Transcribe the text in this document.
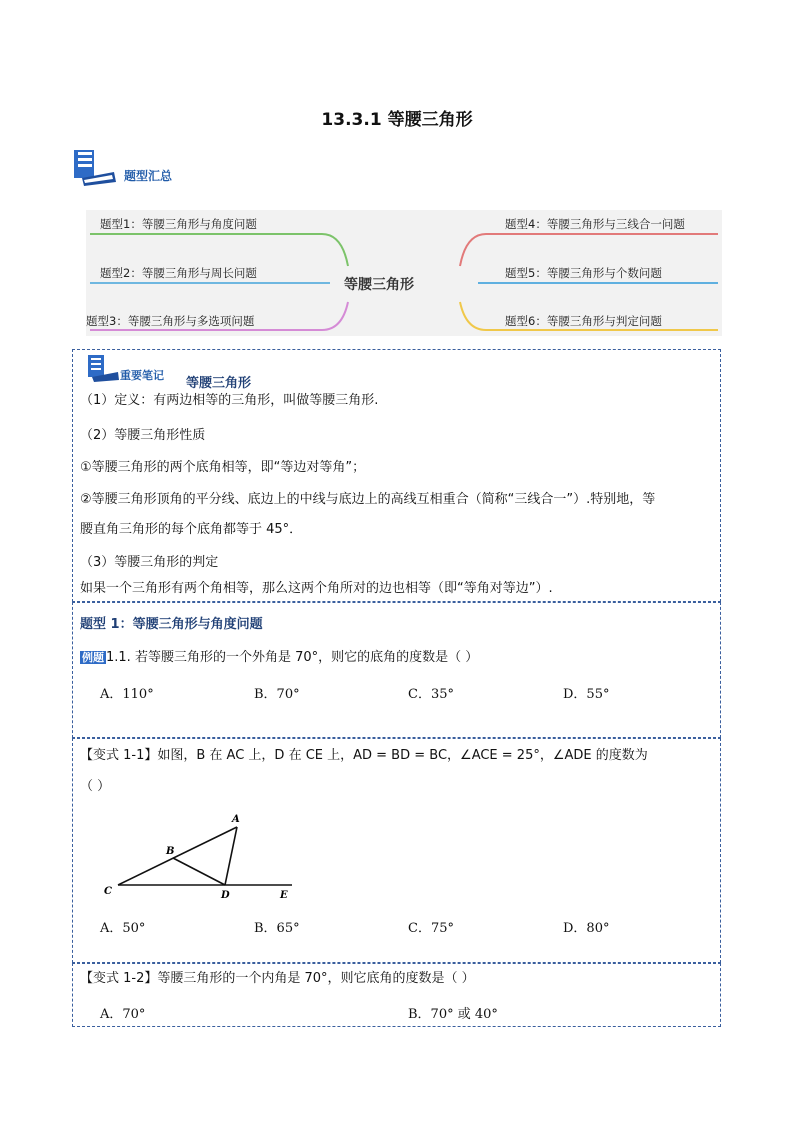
13.3.1 等腰三角形
题型汇总
题型1：等腰三角形与角度问题
题型2：等腰三角形与周长问题
题型3：等腰三角形与多选项问题
题型4：等腰三角形与三线合一问题
题型5：等腰三角形与个数问题
题型6：等腰三角形与判定问题
等腰三角形
重要笔记
等腰三角形
（1）定义：有两边相等的三角形，叫做等腰三角形.
（2）等腰三角形性质
①等腰三角形的两个底角相等，即“等边对等角”；
②等腰三角形顶角的平分线、底边上的中线与底边上的高线互相重合（简称“三线合一”）.特别地，等
腰直角三角形的每个底角都等于 45°．
（3）等腰三角形的判定
如果一个三角形有两个角相等，那么这两个角所对的边也相等（即“等角对等边”）.
题型 1：等腰三角形与角度问题
例题 1.1. 若等腰三角形的一个外角是 70°，则它的底角的度数是（ ）
A．110°	B．70°	C．35°	D．55°
【变式 1-1】如图，B 在 AC 上，D 在 CE 上，AD = BD = BC，∠ACE = 25°，∠ADE 的度数为
（ ）
A
B
C	D	E
A．50°	B．65°	C．75°	D．80°
【变式 1-2】等腰三角形的一个内角是 70°，则它底角的度数是（ ）
A．70°	B．70° 或 40°
